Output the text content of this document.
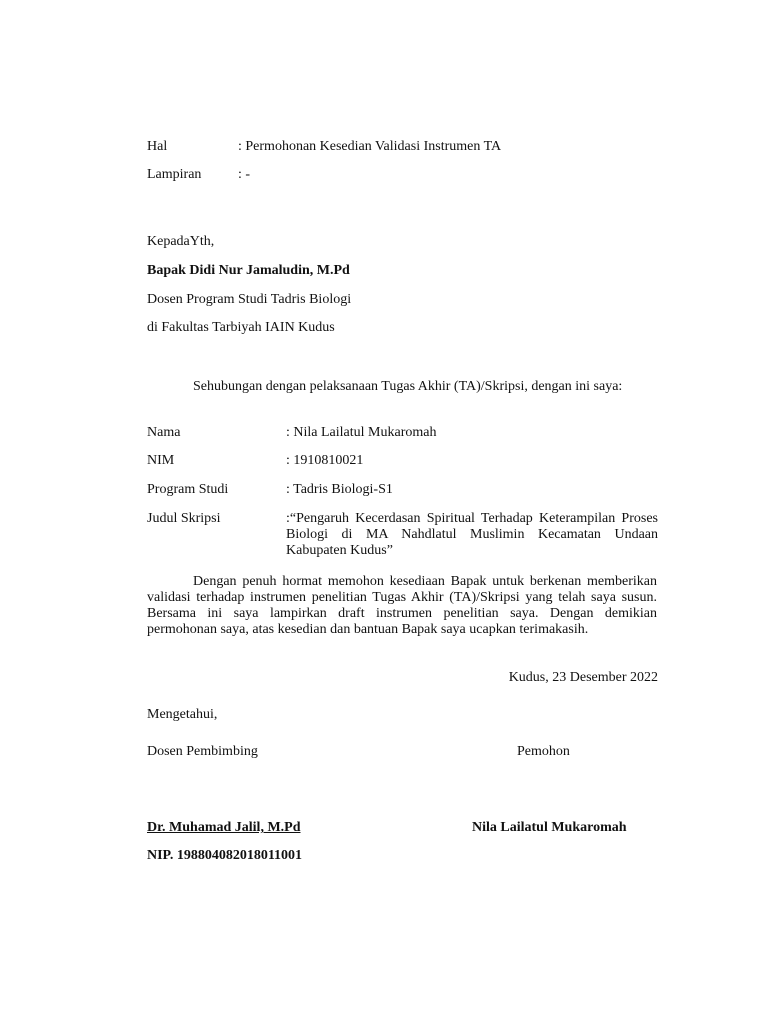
Hal	: Permohonan Kesedian Validasi Instrumen TA
Lampiran	: -
KepadaYth,
Bapak Didi Nur Jamaludin, M.Pd
Dosen Program Studi Tadris Biologi
di Fakultas Tarbiyah IAIN Kudus
Sehubungan dengan pelaksanaan Tugas Akhir (TA)/Skripsi, dengan ini saya:
Nama	: Nila Lailatul Mukaromah
NIM	: 1910810021
Program Studi	: Tadris Biologi-S1
Judul Skripsi	:“Pengaruh Kecerdasan Spiritual Terhadap Keterampilan Proses Biologi di MA Nahdlatul Muslimin Kecamatan Undaan Kabupaten Kudus”
Dengan penuh hormat memohon kesediaan Bapak untuk berkenan memberikan validasi terhadap instrumen penelitian Tugas Akhir (TA)/Skripsi yang telah saya susun. Bersama ini saya lampirkan draft instrumen penelitian saya. Dengan demikian permohonan saya, atas kesedian dan bantuan Bapak saya ucapkan terimakasih.
Kudus, 23 Desember 2022
Mengetahui,
Dosen Pembimbing	Pemohon
Dr. Muhamad Jalil, M.Pd	Nila Lailatul Mukaromah
NIP. 198804082018011001
